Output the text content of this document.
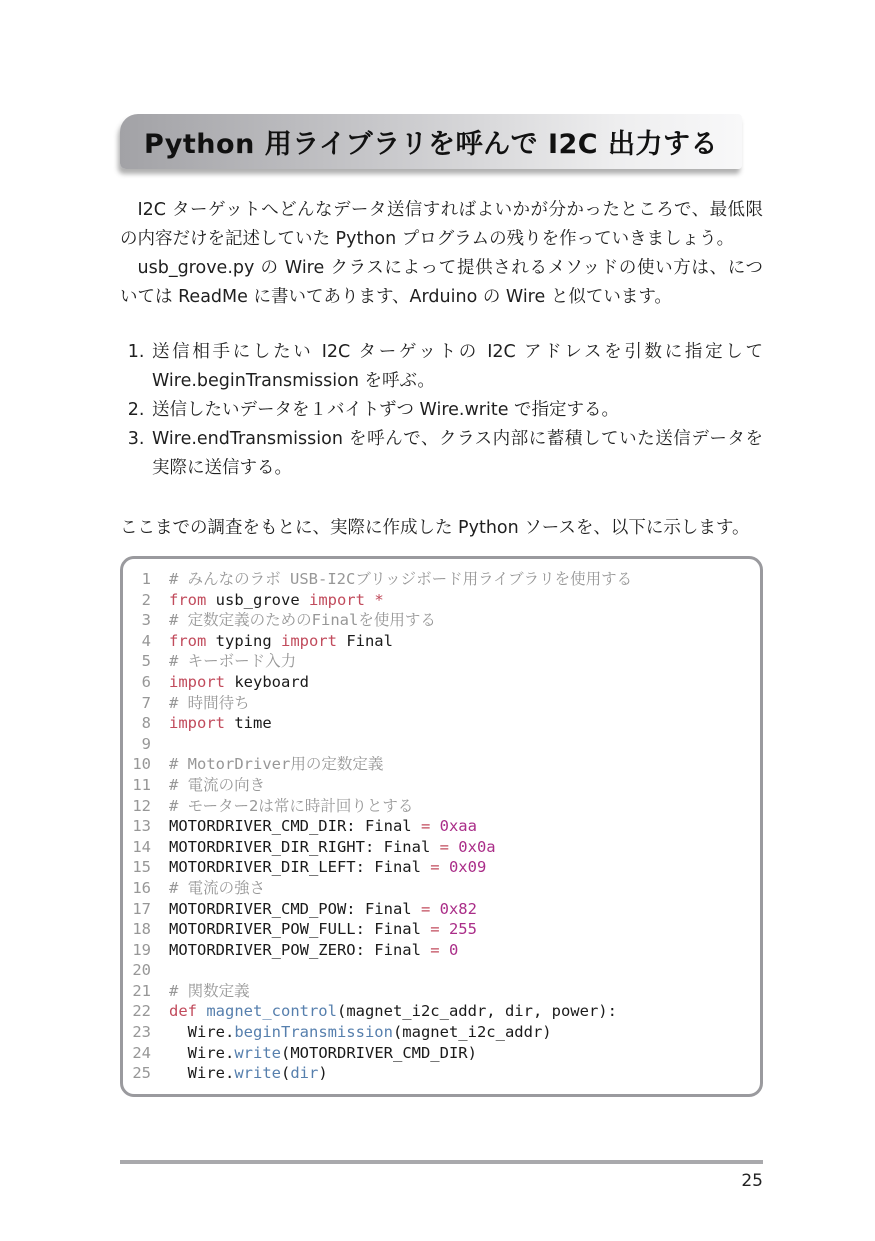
Python 用ライブラリを呼んで I2C 出力する

I2C ターゲットへどんなデータ送信すればよいかが分かったところで、最低限の内容だけを記述していた Python プログラムの残りを作っていきましょう。

usb_grove.py の Wire クラスによって提供されるメソッドの使い方は、については ReadMe に書いてあります、Arduino の Wire と似ています。

1. 送信相手にしたい I2C ターゲットの I2C アドレスを引数に指定して Wire.beginTransmission を呼ぶ。
2. 送信したいデータを１バイトずつ Wire.write で指定する。
3. Wire.endTransmission を呼んで、クラス内部に蓄積していた送信データを実際に送信する。

ここまでの調査をもとに、実際に作成した Python ソースを、以下に示します。

1	# みんなのラボ USB-I2Cブリッジボード用ライブラリを使用する
2	from usb_grove import *
3	# 定数定義のためのFinalを使用する
4	from typing import Final
5	# キーボード入力
6	import keyboard
7	# 時間待ち
8	import time
9
10	# MotorDriver用の定数定義
11	# 電流の向き
12	# モーター2は常に時計回りとする
13	MOTORDRIVER_CMD_DIR: Final = 0xaa
14	MOTORDRIVER_DIR_RIGHT: Final = 0x0a
15	MOTORDRIVER_DIR_LEFT: Final = 0x09
16	# 電流の強さ
17	MOTORDRIVER_CMD_POW: Final = 0x82
18	MOTORDRIVER_POW_FULL: Final = 255
19	MOTORDRIVER_POW_ZERO: Final = 0
20
21	# 関数定義
22	def magnet_control(magnet_i2c_addr, dir, power):
23	Wire.beginTransmission(magnet_i2c_addr)
24	Wire.write(MOTORDRIVER_CMD_DIR)
25	Wire.write(dir)
25
